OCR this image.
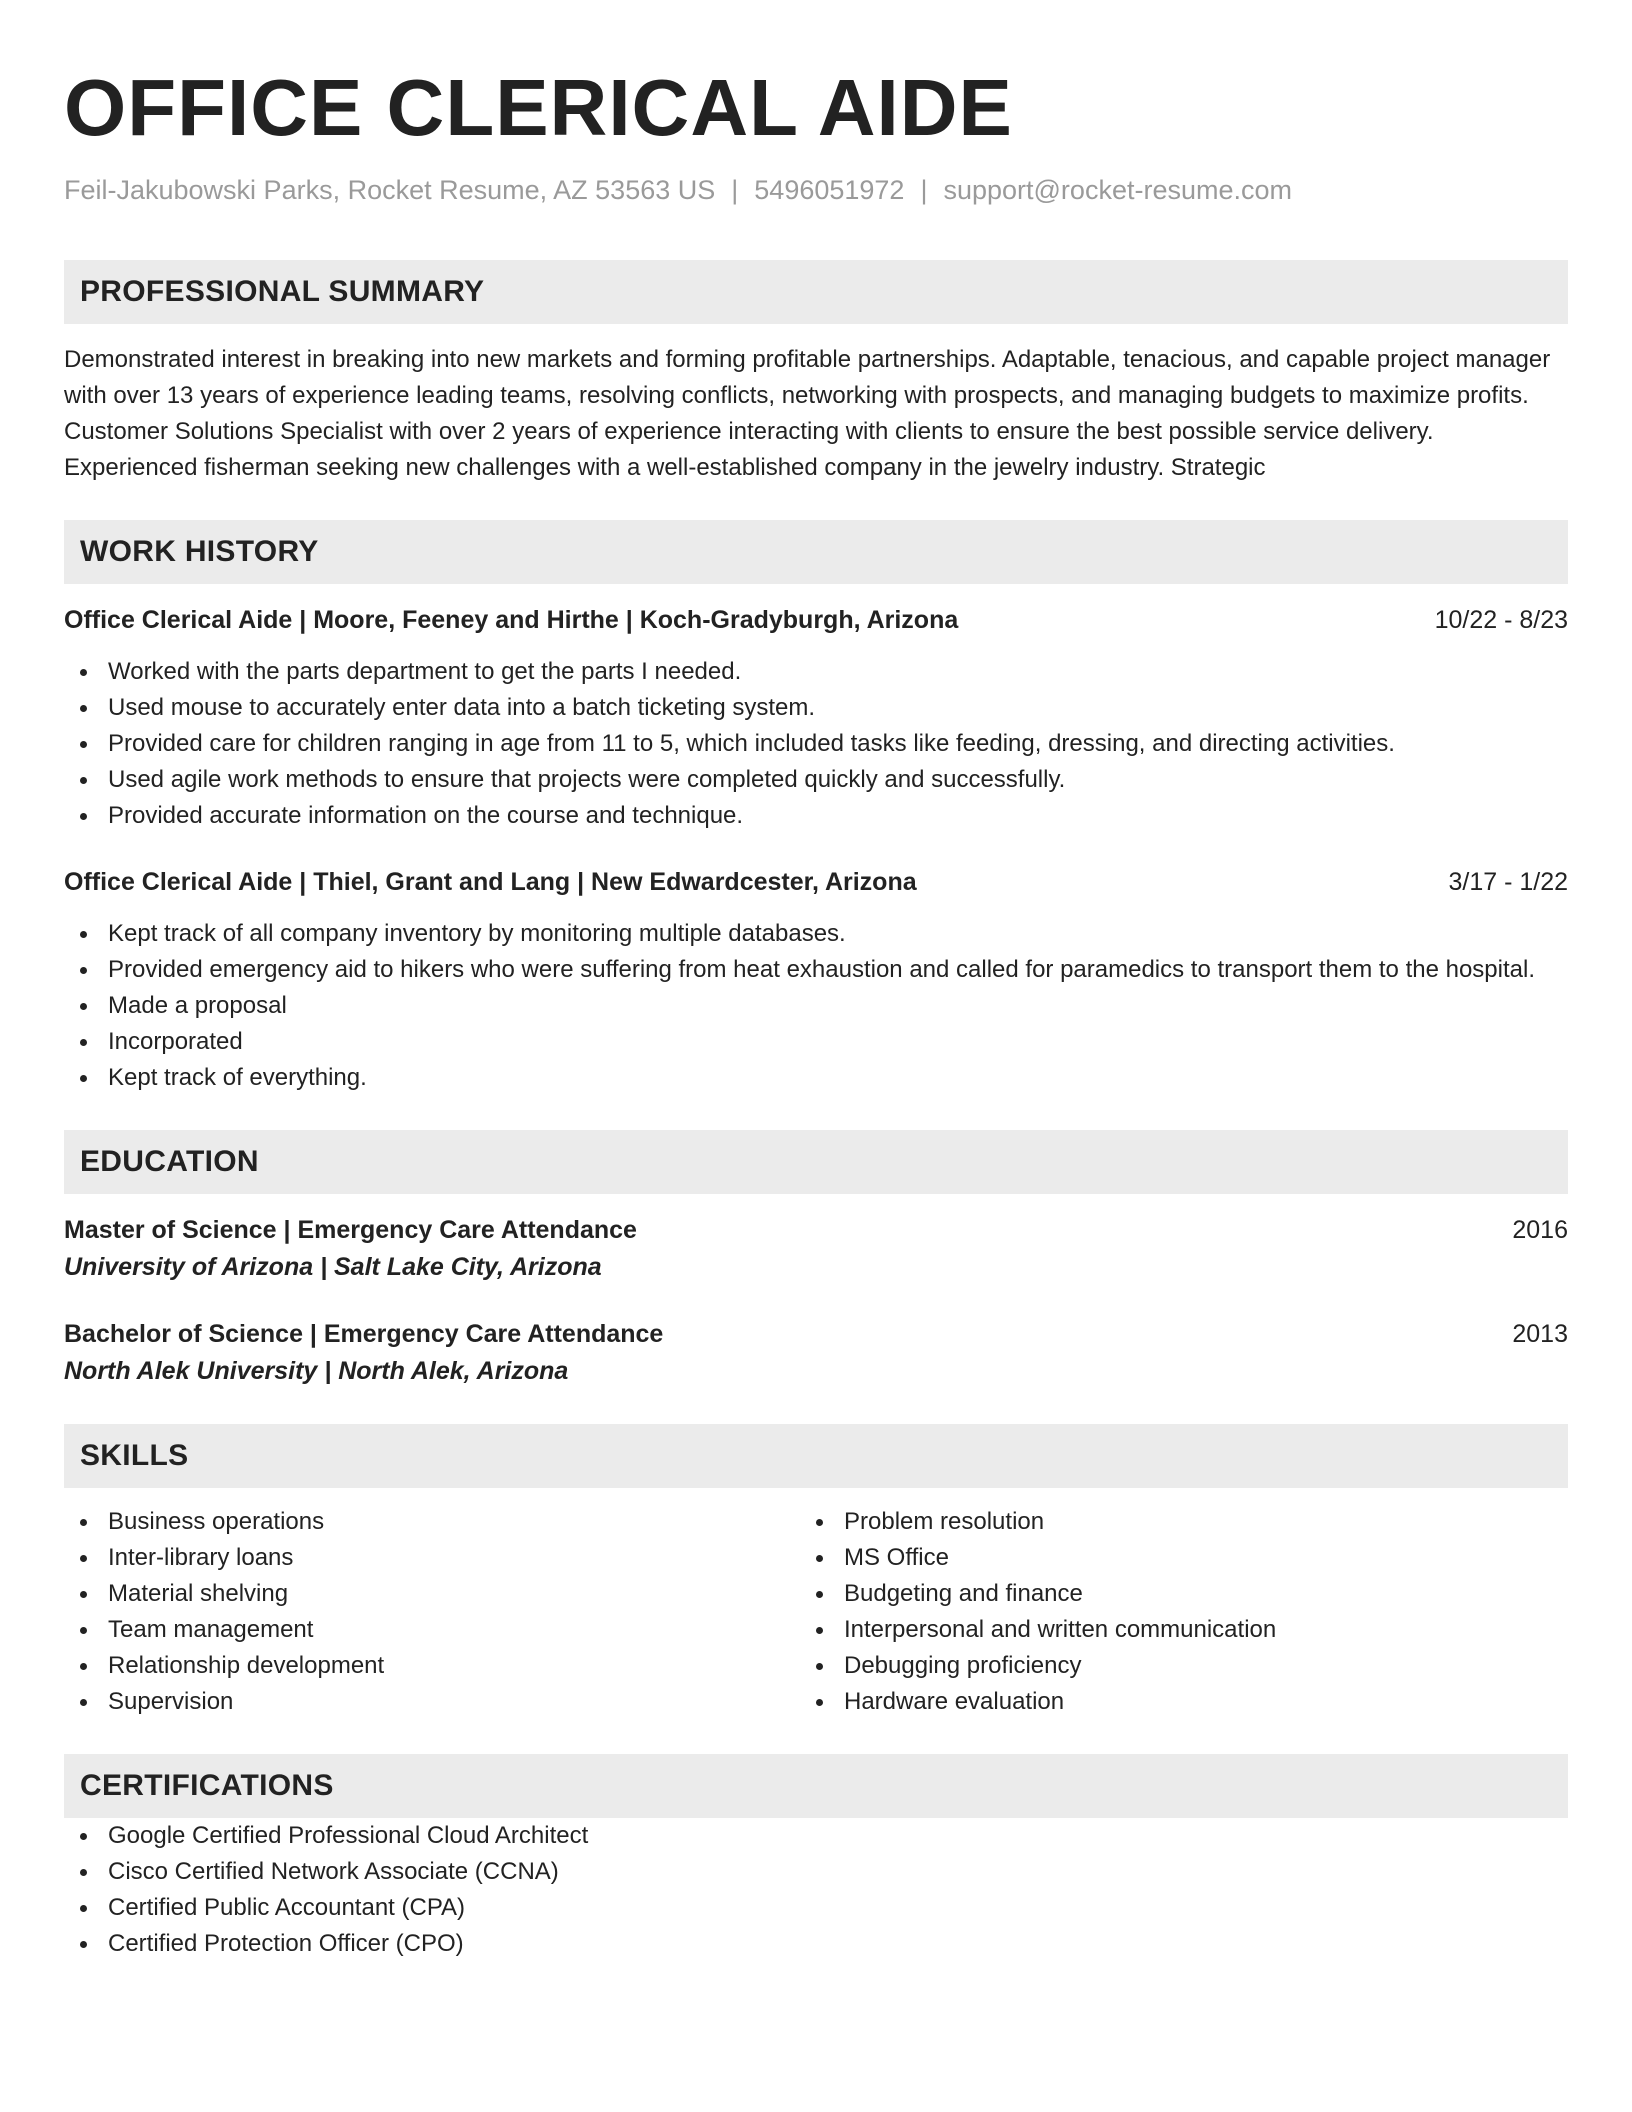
OFFICE CLERICAL AIDE
Feil-Jakubowski Parks, Rocket Resume, AZ 53563 US | 5496051972 | support@rocket-resume.com
PROFESSIONAL SUMMARY
Demonstrated interest in breaking into new markets and forming profitable partnerships. Adaptable, tenacious, and capable project manager with over 13 years of experience leading teams, resolving conflicts, networking with prospects, and managing budgets to maximize profits. Customer Solutions Specialist with over 2 years of experience interacting with clients to ensure the best possible service delivery. Experienced fisherman seeking new challenges with a well-established company in the jewelry industry. Strategic
WORK HISTORY
Office Clerical Aide | Moore, Feeney and Hirthe | Koch-Gradyburgh, Arizona	10/22 - 8/23
Worked with the parts department to get the parts I needed.
Used mouse to accurately enter data into a batch ticketing system.
Provided care for children ranging in age from 11 to 5, which included tasks like feeding, dressing, and directing activities.
Used agile work methods to ensure that projects were completed quickly and successfully.
Provided accurate information on the course and technique.
Office Clerical Aide | Thiel, Grant and Lang | New Edwardcester, Arizona	3/17 - 1/22
Kept track of all company inventory by monitoring multiple databases.
Provided emergency aid to hikers who were suffering from heat exhaustion and called for paramedics to transport them to the hospital.
Made a proposal
Incorporated
Kept track of everything.
EDUCATION
Master of Science | Emergency Care Attendance	2016
University of Arizona | Salt Lake City, Arizona
Bachelor of Science | Emergency Care Attendance	2013
North Alek University | North Alek, Arizona
SKILLS
Business operations
Inter-library loans
Material shelving
Team management
Relationship development
Supervision
Problem resolution
MS Office
Budgeting and finance
Interpersonal and written communication
Debugging proficiency
Hardware evaluation
CERTIFICATIONS
Google Certified Professional Cloud Architect
Cisco Certified Network Associate (CCNA)
Certified Public Accountant (CPA)
Certified Protection Officer (CPO)
